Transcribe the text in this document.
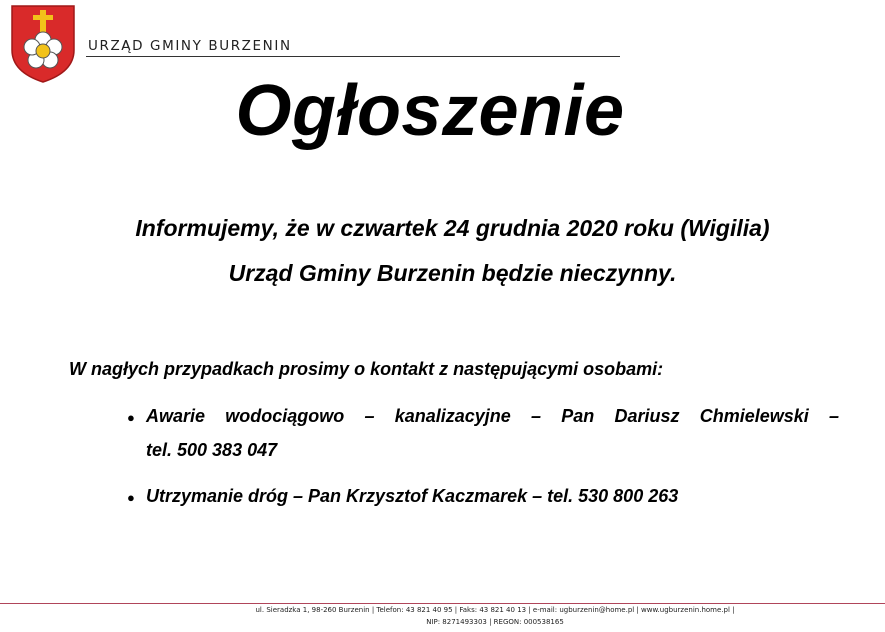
URZĄD GMINY BURZENIN
Ogłoszenie
Informujemy, że w czwartek 24 grudnia 2020 roku (Wigilia)
Urząd Gminy Burzenin będzie nieczynny.
W nagłych przypadkach prosimy o kontakt z następującymi osobami:
● Awarie wodociągowo – kanalizacyjne – Pan Dariusz Chmielewski –
tel. 500 383 047
● Utrzymanie dróg – Pan Krzysztof Kaczmarek – tel. 530 800 263
ul. Sieradzka 1, 98-260 Burzenin | Telefon: 43 821 40 95 | Faks: 43 821 40 13 | e-mail: ugburzenin@home.pl | www.ugburzenin.home.pl |
NIP: 8271493303 | REGON: 000538165
